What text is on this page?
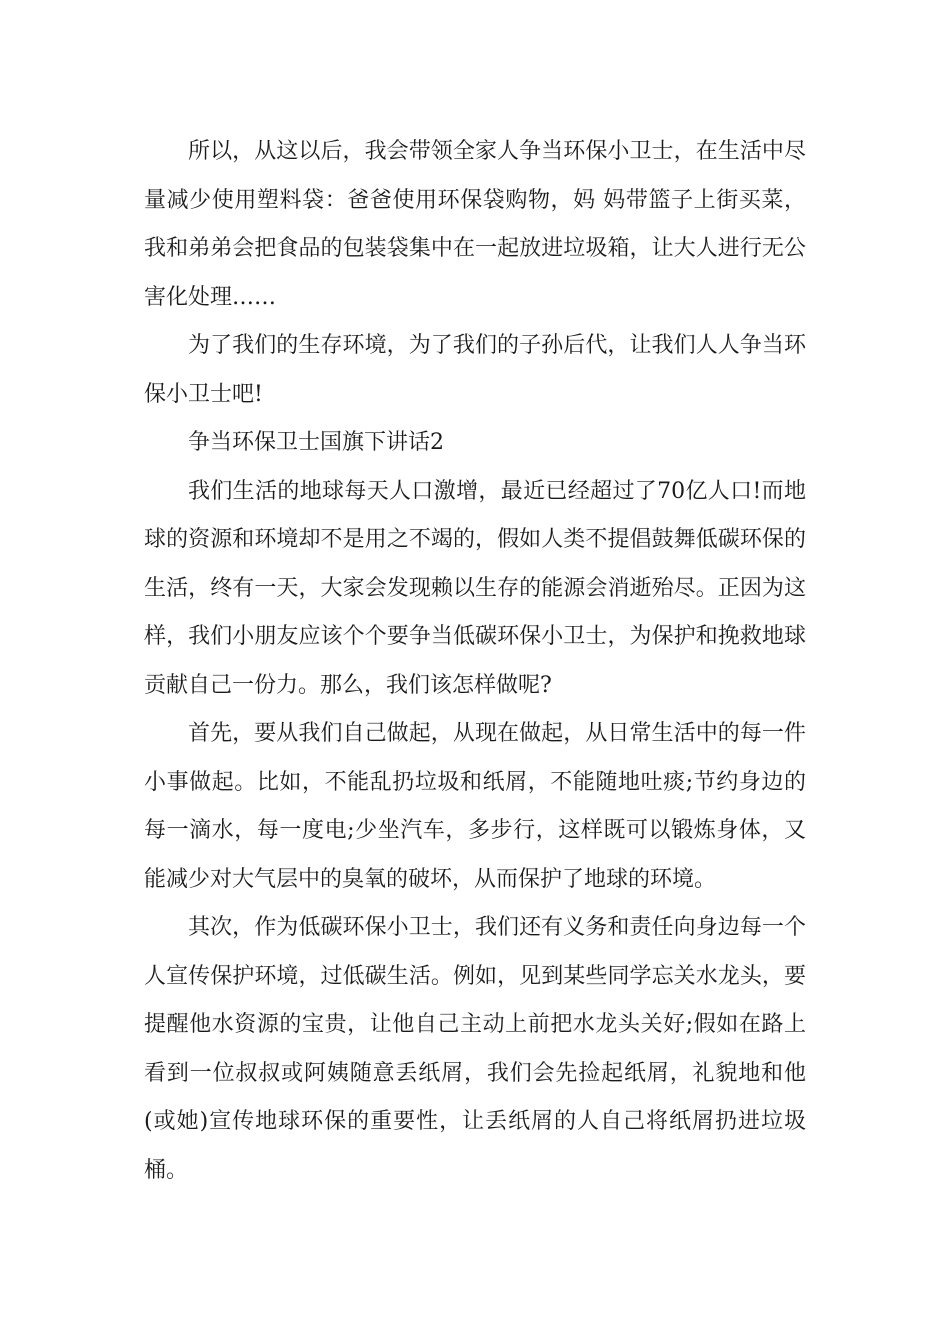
所以，从这以后，我会带领全家人争当环保小卫士，在生活中尽量减少使用塑料袋：爸爸使用环保袋购物，妈 妈带篮子上街买菜，我和弟弟会把食品的包装袋集中在一起放进垃圾箱，让大人进行无公害化处理……

为了我们的生存环境，为了我们的子孙后代，让我们人人争当环保小卫士吧!

争当环保卫士国旗下讲话2

我们生活的地球每天人口激增，最近已经超过了70亿人口!而地球的资源和环境却不是用之不竭的，假如人类不提倡鼓舞低碳环保的生活，终有一天，大家会发现赖以生存的能源会消逝殆尽。正因为这样，我们小朋友应该个个要争当低碳环保小卫士，为保护和挽救地球贡献自己一份力。那么，我们该怎样做呢?

首先，要从我们自己做起，从现在做起，从日常生活中的每一件小事做起。比如，不能乱扔垃圾和纸屑，不能随地吐痰;节约身边的每一滴水，每一度电;少坐汽车，多步行，这样既可以锻炼身体，又能减少对大气层中的臭氧的破坏，从而保护了地球的环境。

其次，作为低碳环保小卫士，我们还有义务和责任向身边每一个人宣传保护环境，过低碳生活。例如，见到某些同学忘关水龙头，要提醒他水资源的宝贵，让他自己主动上前把水龙头关好;假如在路上看到一位叔叔或阿姨随意丢纸屑，我们会先捡起纸屑，礼貌地和他(或她)宣传地球环保的重要性，让丢纸屑的人自己将纸屑扔进垃圾桶。
